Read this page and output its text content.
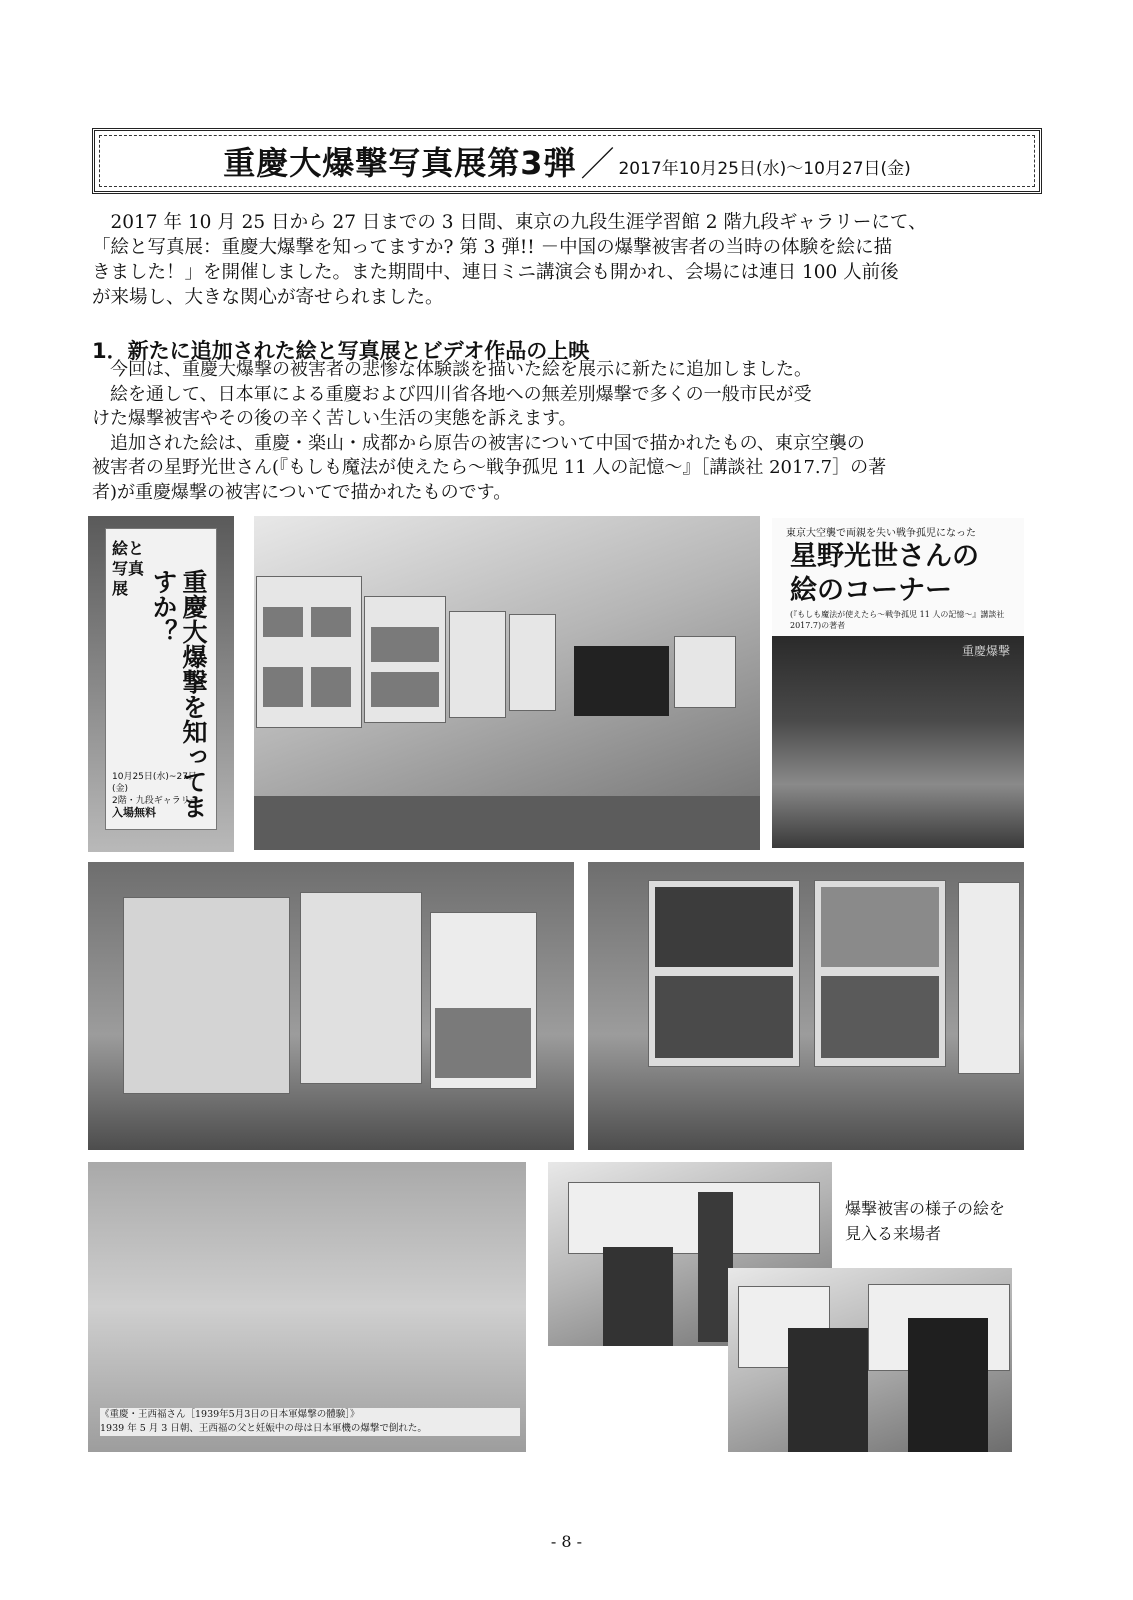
重慶大爆撃写真展第3弾 ／ 2017年10月25日(水)～10月27日(金)

2017 年 10 月 25 日から 27 日までの 3 日間、東京の九段生涯学習館 2 階九段ギャラリーにて、

「絵と写真展：重慶大爆撃を知ってますか? 第 3 弾!! －中国の爆撃被害者の当時の体験を絵に描
きました！」を開催しました。また期間中、連日ミニ講演会も開かれ、会場には連日 100 人前後
が来場し、大きな関心が寄せられました。
1．新たに追加された絵と写真展とビデオ作品の上映

今回は、重慶大爆撃の被害者の悲惨な体験談を描いた絵を展示に新たに追加しました。

絵を通して、日本軍による重慶および四川省各地への無差別爆撃で多くの一般市民が受

けた爆撃被害やその後の辛く苦しい生活の実態を訴えます。

追加された絵は、重慶・楽山・成都から原告の被害について中国で描かれたもの、東京空襲の

被害者の星野光世さん(『もしも魔法が使えたら～戦争孤児 11 人の記憶～』［講談社 2017.7］の著
者)が重慶爆撃の被害についてで描かれたものです。
絵と写真展	重慶大爆撃を知ってますか？
10月25日(水)~27日(金)
2階・九段ギャラリー
入場無料
東京大空襲で両親を失い戦争孤児になった
星野光世さんの
絵のコーナー
(『もしも魔法が使えたら～戦争孤児 11 人の記憶～』講談社 2017.7)の著者
重慶爆撃
《重慶・王西福さん［1939年5月3日の日本軍爆撃の體験］》
1939 年 5 月 3 日朝、王西福の父と妊娠中の母は日本軍機の爆撃で倒れた。
爆撃被害の様子の絵を
見入る来場者
- 8 -
